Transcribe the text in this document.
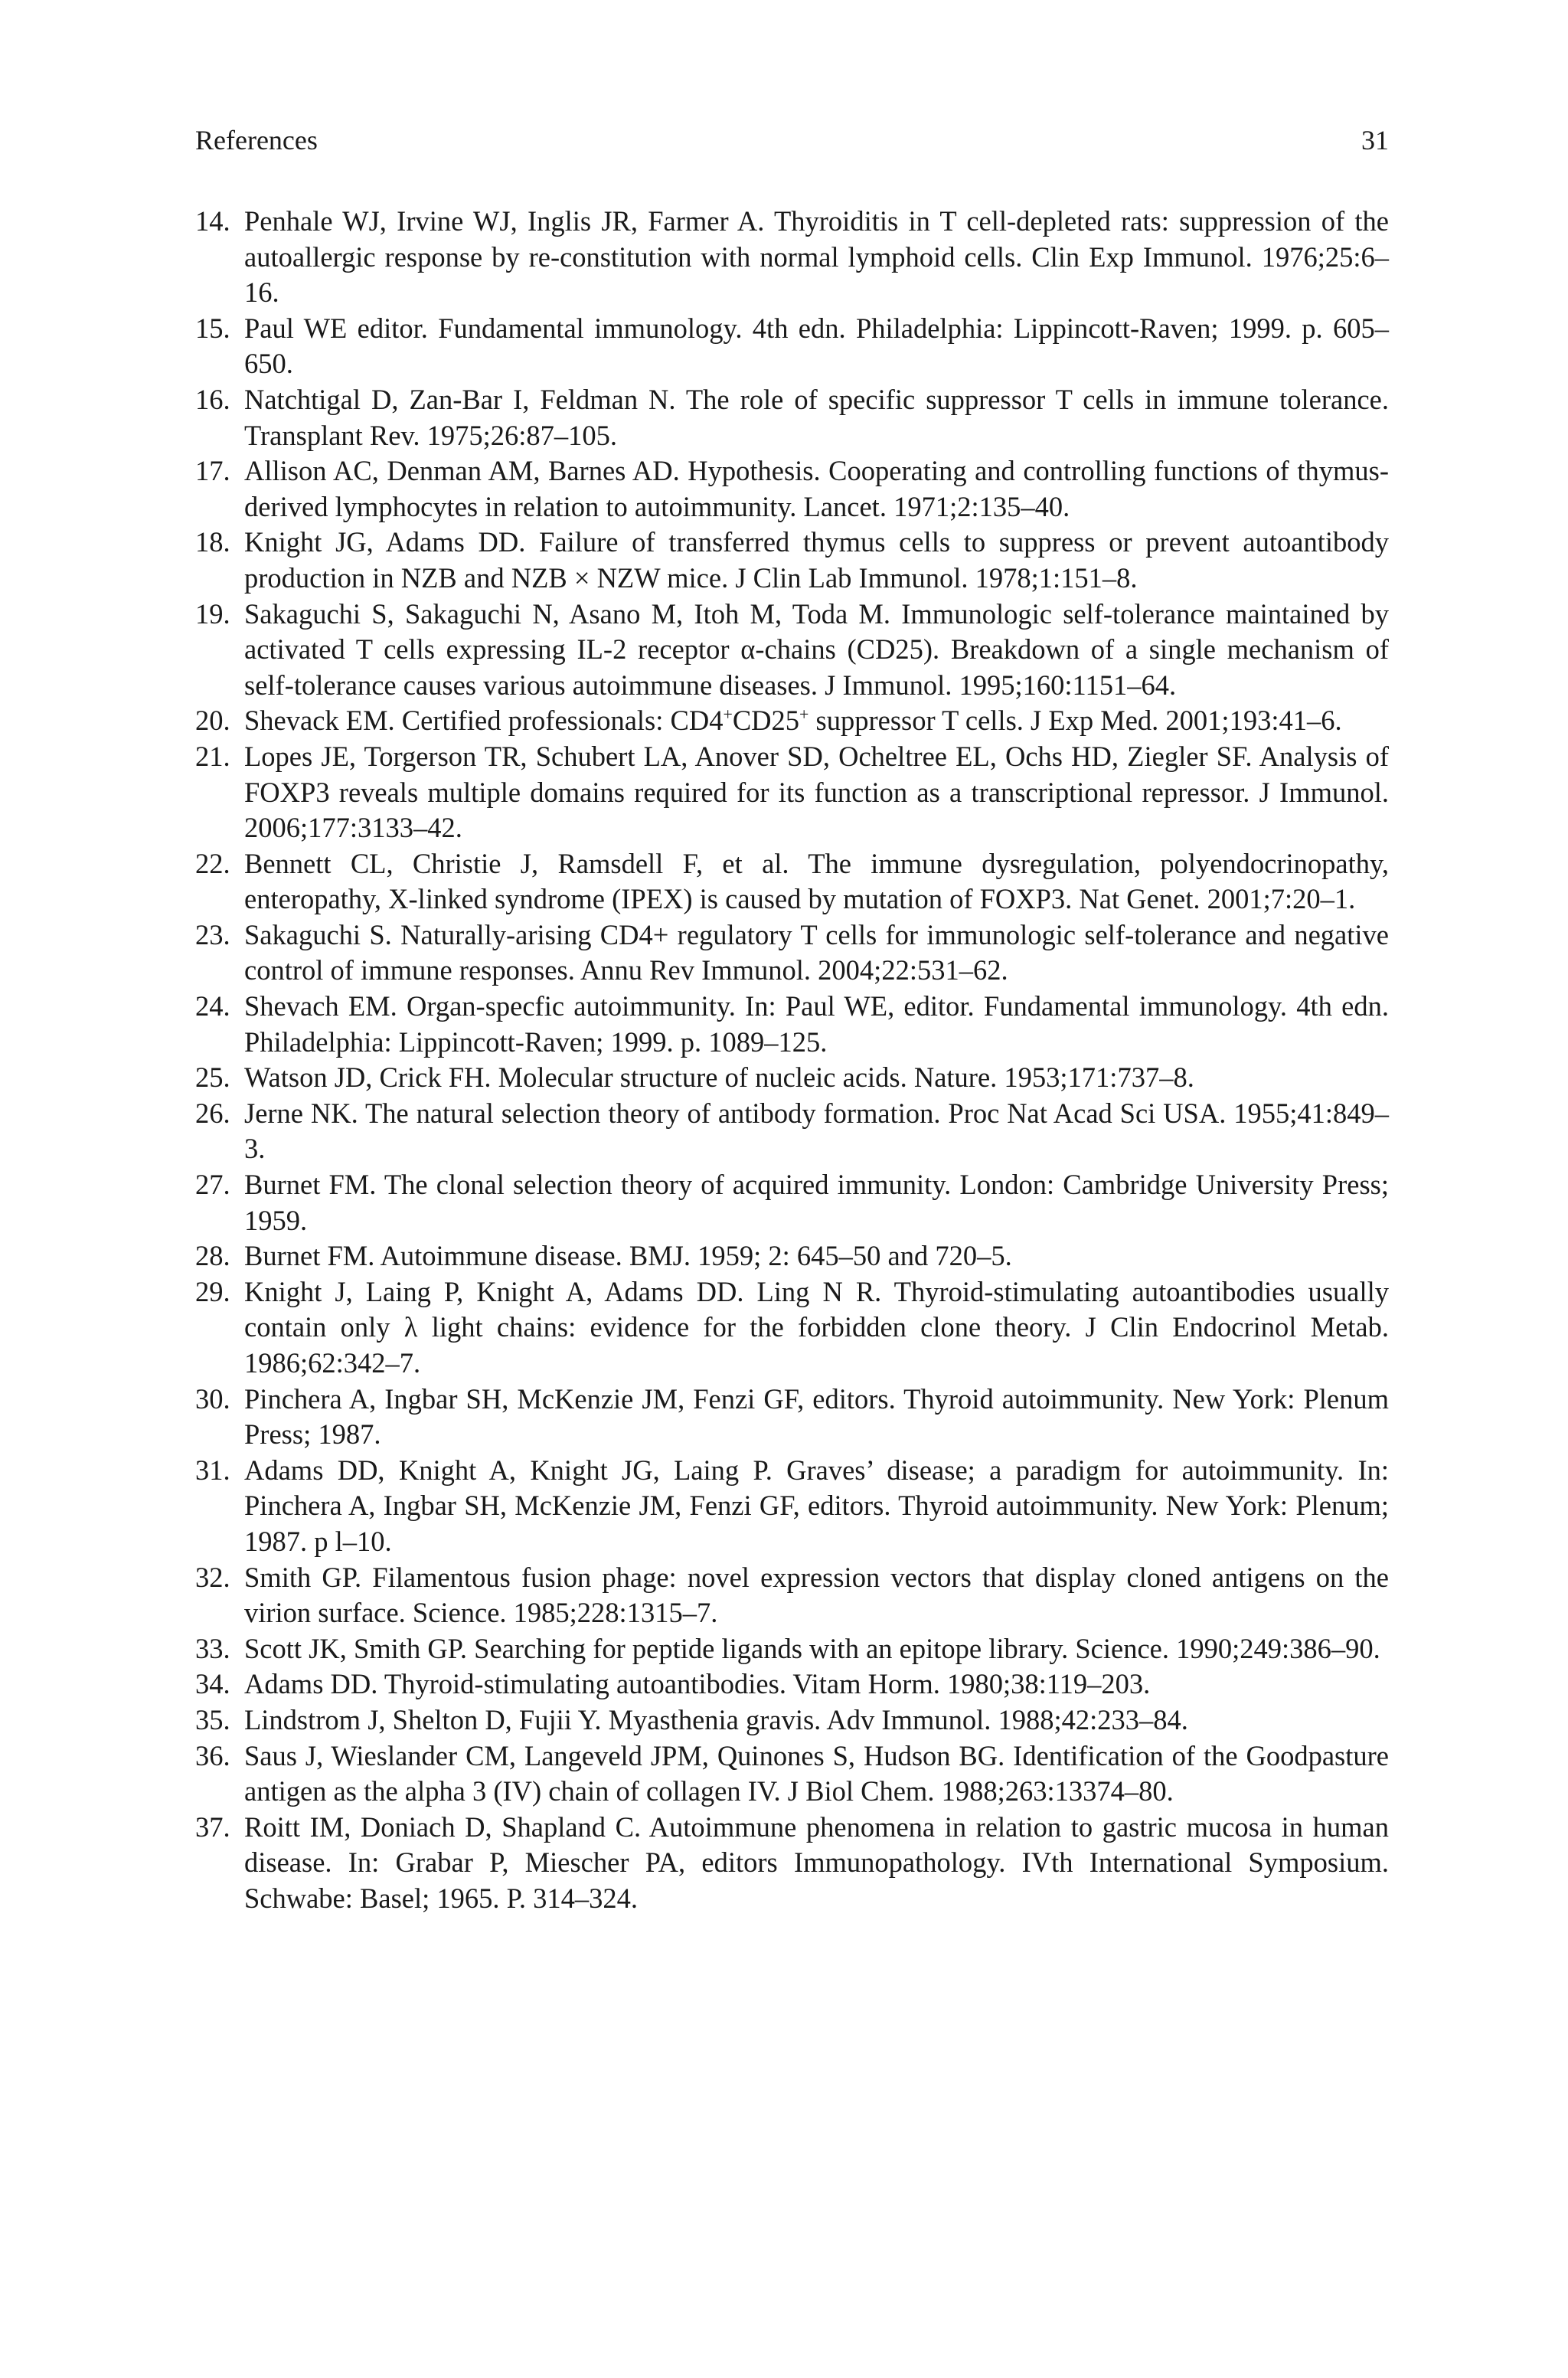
References	31
14. Penhale WJ, Irvine WJ, Inglis JR, Farmer A. Thyroiditis in T cell-depleted rats: suppression of the autoallergic response by re-constitution with normal lymphoid cells. Clin Exp Immunol. 1976;25:6–16.
15. Paul WE editor. Fundamental immunology. 4th edn. Philadelphia: Lippincott-Raven; 1999. p. 605–650.
16. Natchtigal D, Zan-Bar I, Feldman N. The role of specific suppressor T cells in immune tolerance. Transplant Rev. 1975;26:87–105.
17. Allison AC, Denman AM, Barnes AD. Hypothesis. Cooperating and controlling functions of thymus-derived lymphocytes in relation to autoimmunity. Lancet. 1971;2:135–40.
18. Knight JG, Adams DD. Failure of transferred thymus cells to suppress or prevent autoantibody production in NZB and NZB × NZW mice. J Clin Lab Immunol. 1978;1:151–8.
19. Sakaguchi S, Sakaguchi N, Asano M, Itoh M, Toda M. Immunologic self-tolerance maintained by activated T cells expressing IL-2 receptor α-chains (CD25). Breakdown of a single mechanism of self-tolerance causes various autoimmune diseases. J Immunol. 1995;160:1151–64.
20. Shevack EM. Certified professionals: CD4+CD25+ suppressor T cells. J Exp Med. 2001;193:41–6.
21. Lopes JE, Torgerson TR, Schubert LA, Anover SD, Ocheltree EL, Ochs HD, Ziegler SF. Analysis of FOXP3 reveals multiple domains required for its function as a transcriptional repressor. J Immunol. 2006;177:3133–42.
22. Bennett CL, Christie J, Ramsdell F, et al. The immune dysregulation, polyendocrinopathy, enteropathy, X-linked syndrome (IPEX) is caused by mutation of FOXP3. Nat Genet. 2001;7:20–1.
23. Sakaguchi S. Naturally-arising CD4+ regulatory T cells for immunologic self-tolerance and negative control of immune responses. Annu Rev Immunol. 2004;22:531–62.
24. Shevach EM. Organ-specfic autoimmunity. In: Paul WE, editor. Fundamental immunology. 4th edn. Philadelphia: Lippincott-Raven; 1999. p. 1089–125.
25. Watson JD, Crick FH. Molecular structure of nucleic acids. Nature. 1953;171:737–8.
26. Jerne NK. The natural selection theory of antibody formation. Proc Nat Acad Sci USA. 1955;41:849–3.
27. Burnet FM. The clonal selection theory of acquired immunity. London: Cambridge University Press; 1959.
28. Burnet FM. Autoimmune disease. BMJ. 1959; 2: 645–50 and 720–5.
29. Knight J, Laing P, Knight A, Adams DD. Ling N R. Thyroid-stimulating autoantibodies usually contain only λ light chains: evidence for the forbidden clone theory. J Clin Endocrinol Metab. 1986;62:342–7.
30. Pinchera A, Ingbar SH, McKenzie JM, Fenzi GF, editors. Thyroid autoimmunity. New York: Plenum Press; 1987.
31. Adams DD, Knight A, Knight JG, Laing P. Graves’ disease; a paradigm for autoimmunity. In: Pinchera A, Ingbar SH, McKenzie JM, Fenzi GF, editors. Thyroid autoimmunity. New York: Plenum; 1987. p l–10.
32. Smith GP. Filamentous fusion phage: novel expression vectors that display cloned antigens on the virion surface. Science. 1985;228:1315–7.
33. Scott JK, Smith GP. Searching for peptide ligands with an epitope library. Science. 1990;249:386–90.
34. Adams DD. Thyroid-stimulating autoantibodies. Vitam Horm. 1980;38:119–203.
35. Lindstrom J, Shelton D, Fujii Y. Myasthenia gravis. Adv Immunol. 1988;42:233–84.
36. Saus J, Wieslander CM, Langeveld JPM, Quinones S, Hudson BG. Identification of the Goodpasture antigen as the alpha 3 (IV) chain of collagen IV. J Biol Chem. 1988;263:13374–80.
37. Roitt IM, Doniach D, Shapland C. Autoimmune phenomena in relation to gastric mucosa in human disease. In: Grabar P, Miescher PA, editors Immunopathology. IVth International Symposium. Schwabe: Basel; 1965. P. 314–324.
